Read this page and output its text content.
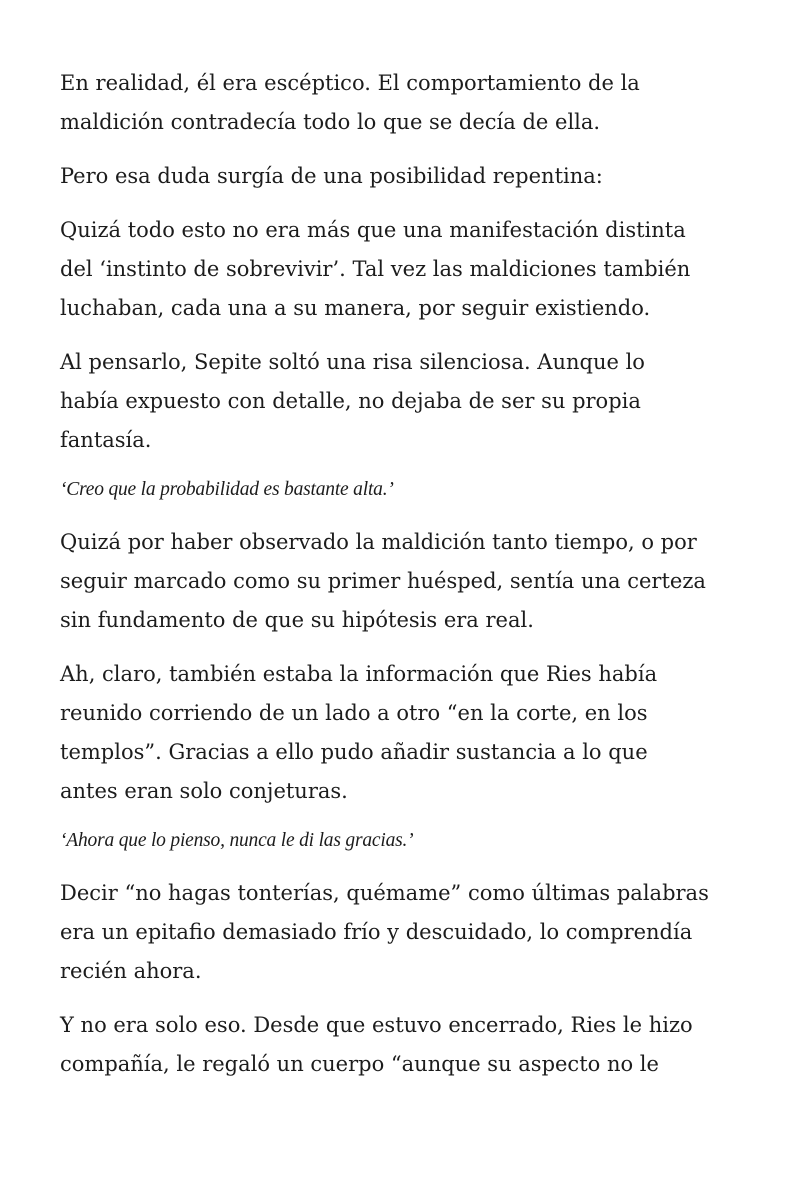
En realidad, él era escéptico. El comportamiento de la
maldición contradecía todo lo que se decía de ella.

Pero esa duda surgía de una posibilidad repentina:

Quizá todo esto no era más que una manifestación distinta
del ‘instinto de sobrevivir’. Tal vez las maldiciones también
luchaban, cada una a su manera, por seguir existiendo.

Al pensarlo, Sepite soltó una risa silenciosa. Aunque lo
había expuesto con detalle, no dejaba de ser su propia
fantasía.

‘Creo que la probabilidad es bastante alta.’

Quizá por haber observado la maldición tanto tiempo, o por
seguir marcado como su primer huésped, sentía una certeza
sin fundamento de que su hipótesis era real.

Ah, claro, también estaba la información que Ries había
reunido corriendo de un lado a otro “en la corte, en los
templos”. Gracias a ello pudo añadir sustancia a lo que
antes eran solo conjeturas.

‘Ahora que lo pienso, nunca le di las gracias.’

Decir “no hagas tonterías, quémame” como últimas palabras
era un epitafio demasiado frío y descuidado, lo comprendía
recién ahora.

Y no era solo eso. Desde que estuvo encerrado, Ries le hizo
compañía, le regaló un cuerpo “aunque su aspecto no le
